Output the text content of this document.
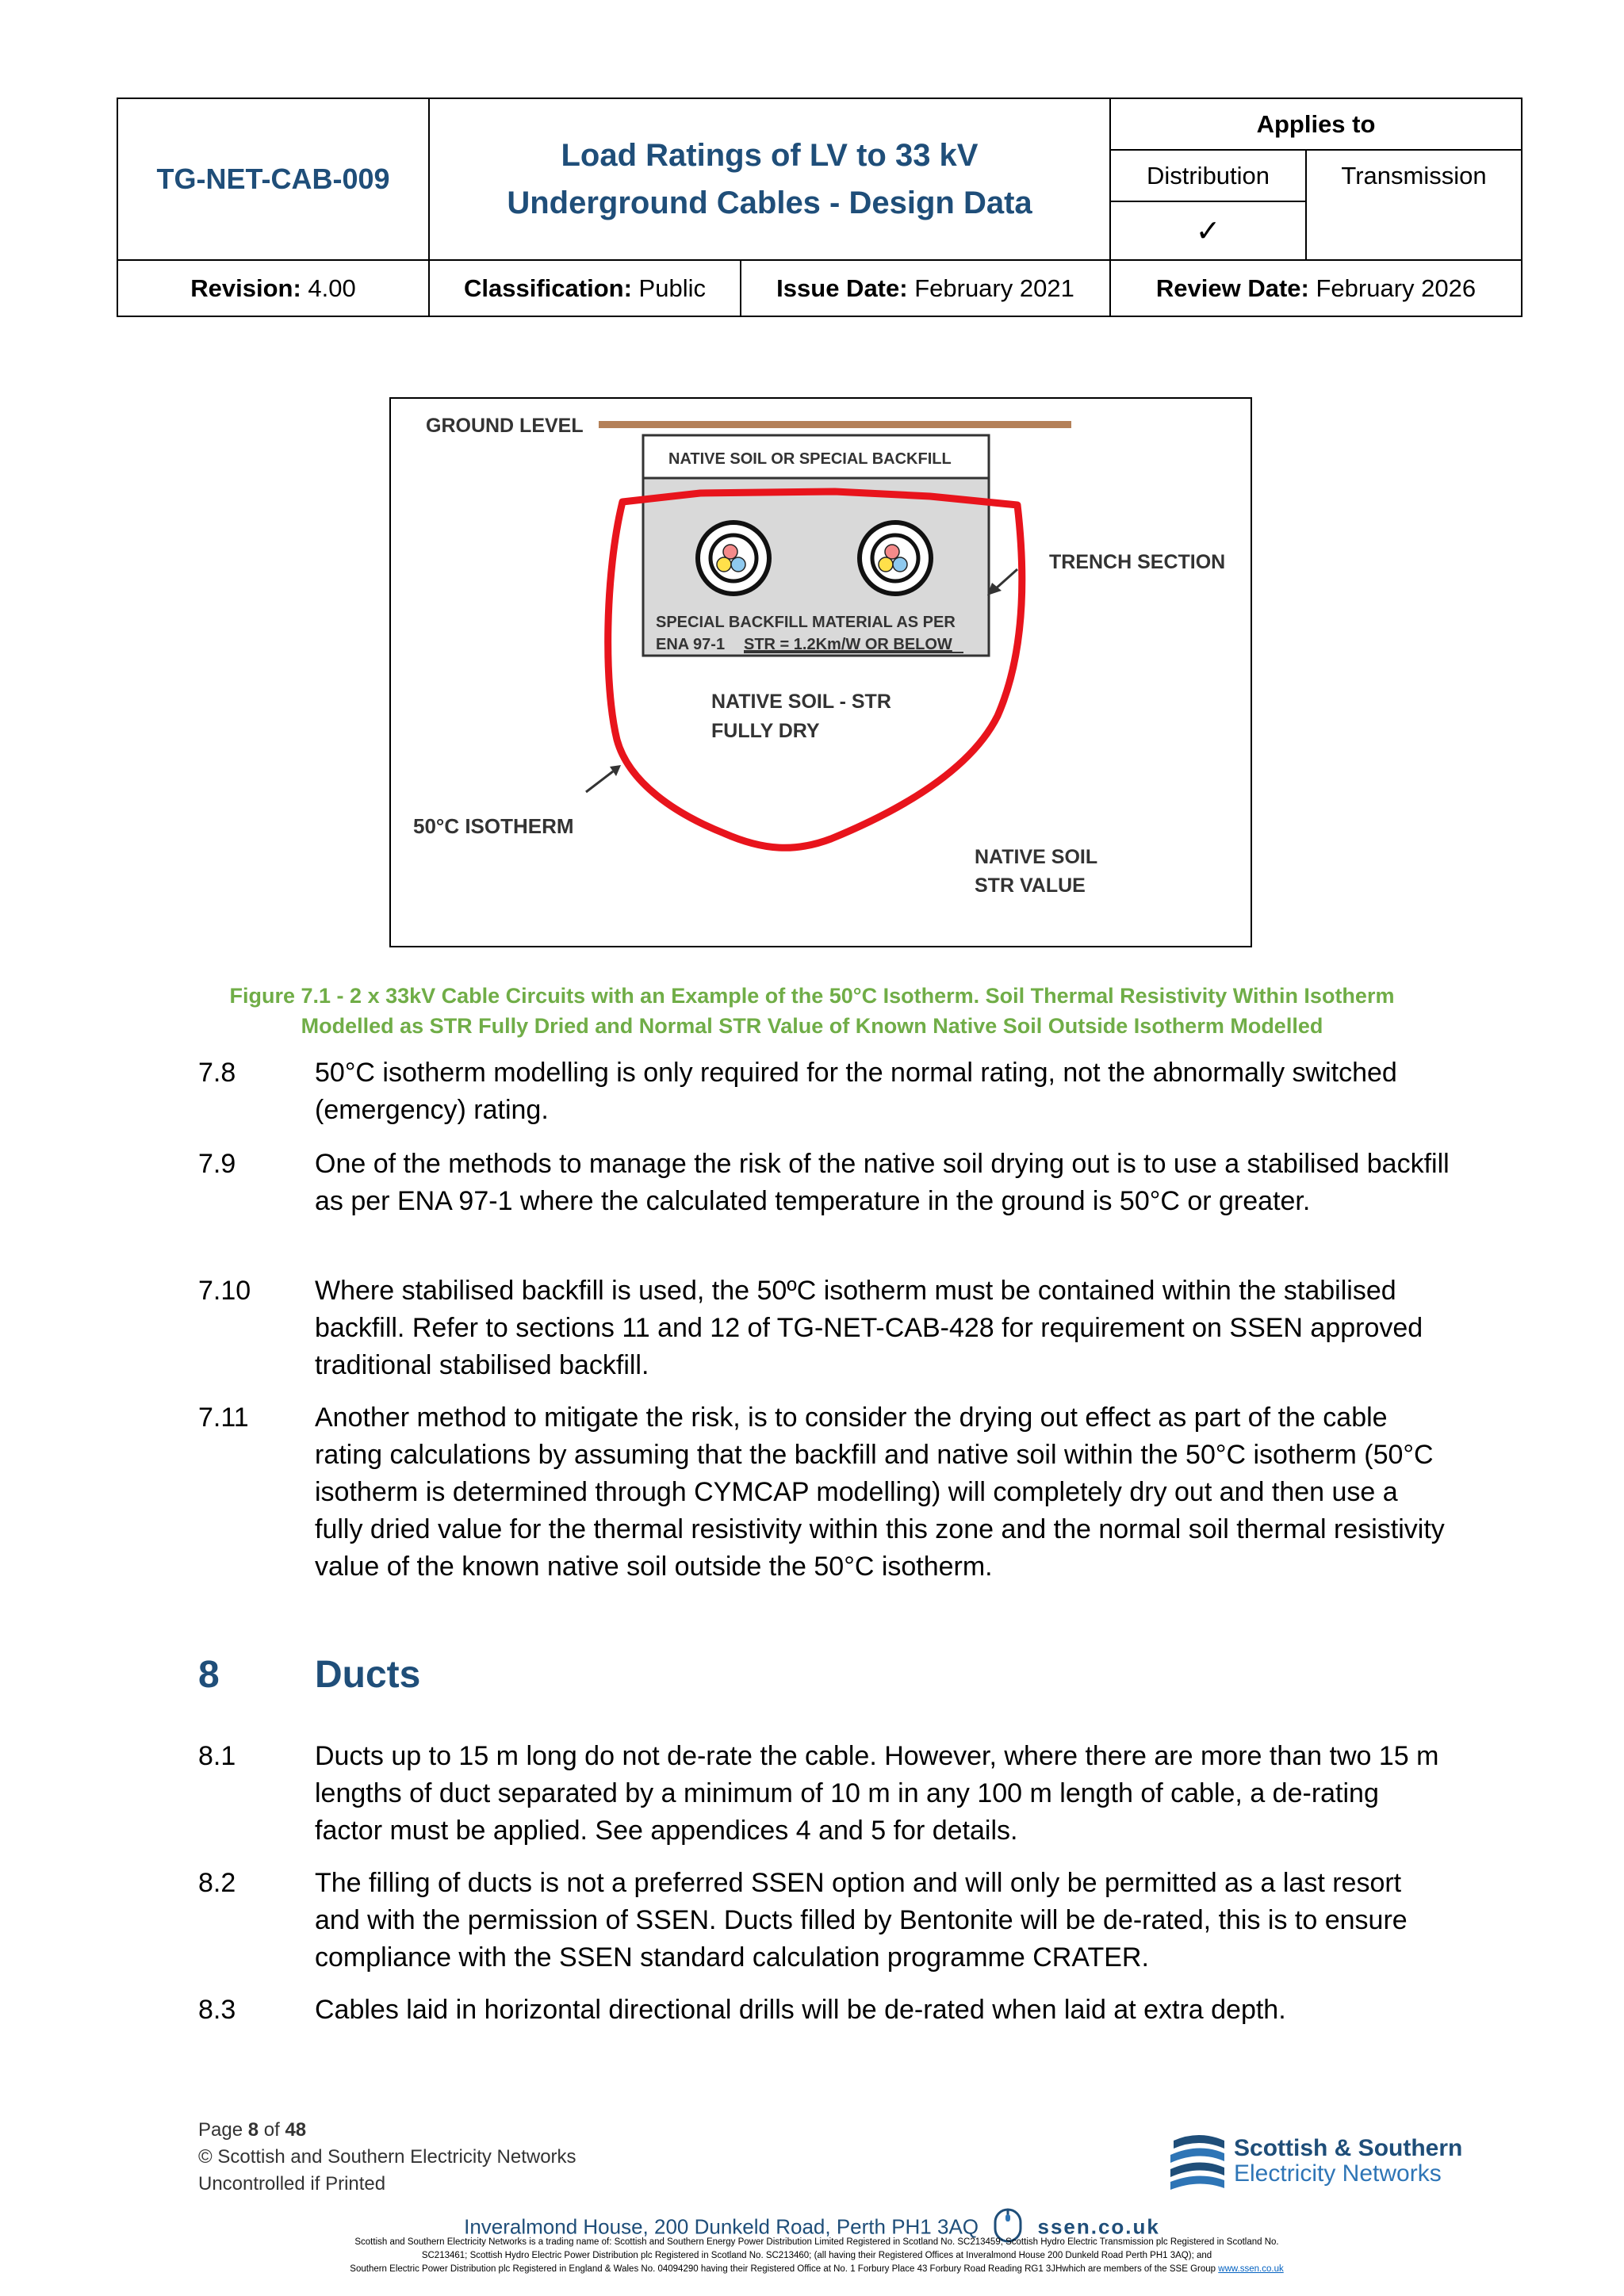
TG-NET-CAB-009	Load Ratings of LV to 33 kV
Underground Cables - Design Data		Applies to	
			Distribution	Transmission
			✓	
Revision: 4.00	Classification: Public	Issue Date: February 2021	Review Date: February 2026	
GROUND LEVEL
NATIVE SOIL OR SPECIAL BACKFILL
SPECIAL BACKFILL MATERIAL AS PER
ENA 97-1 STR = 1.2Km/W OR BELOW
NATIVE SOIL - STR
FULLY DRY
TRENCH SECTION
50°C ISOTHERM
NATIVE SOIL
STR VALUE
Figure 7.1 - 2 x 33kV Cable Circuits with an Example of the 50°C Isotherm. Soil Thermal Resistivity Within Isotherm
Modelled as STR Fully Dried and Normal STR Value of Known Native Soil Outside Isotherm Modelled
7.8	50°C isotherm modelling is only required for the normal rating, not the abnormally switched (emergency) rating.
7.9	One of the methods to manage the risk of the native soil drying out is to use a stabilised backfill as per ENA 97-1 where the calculated temperature in the ground is 50°C or greater.
7.10 Where stabilised backfill is used, the 50ºC isotherm must be contained within the stabilised backfill. Refer to sections 11 and 12 of TG-NET-CAB-428 for requirement on SSEN approved traditional stabilised backfill.
7.11 Another method to mitigate the risk, is to consider the drying out effect as part of the cable rating calculations by assuming that the backfill and native soil within the 50°C isotherm (50°C isotherm is determined through CYMCAP modelling) will completely dry out and then use a fully dried value for the thermal resistivity within this zone and the normal soil thermal resistivity value of the known native soil outside the 50°C isotherm.
8	Ducts
8.1	Ducts up to 15 m long do not de-rate the cable. However, where there are more than two 15 m lengths of duct separated by a minimum of 10 m in any 100 m length of cable, a de-rating factor must be applied. See appendices 4 and 5 for details.
8.2	The filling of ducts is not a preferred SSEN option and will only be permitted as a last resort and with the permission of SSEN. Ducts filled by Bentonite will be de-rated, this is to ensure compliance with the SSEN standard calculation programme CRATER.
8.3	Cables laid in horizontal directional drills will be de-rated when laid at extra depth.
Page 8 of 48
© Scottish and Southern Electricity Networks
Uncontrolled if Printed
Scottish & Southern
Electricity Networks
Inveralmond House, 200 Dunkeld Road, Perth PH1 3AQ	ssen.co.uk
Scottish and Southern Electricity Networks is a trading name of: Scottish and Southern Energy Power Distribution Limited Registered in Scotland No. SC213459; Scottish Hydro Electric Transmission plc Registered in Scotland No.
SC213461; Scottish Hydro Electric Power Distribution plc Registered in Scotland No. SC213460; (all having their Registered Offices at Inveralmond House 200 Dunkeld Road Perth PH1 3AQ); and
Southern Electric Power Distribution plc Registered in England & Wales No. 04094290 having their Registered Office at No. 1 Forbury Place 43 Forbury Road Reading RG1 3JHwhich are members of the SSE Group www.ssen.co.uk
